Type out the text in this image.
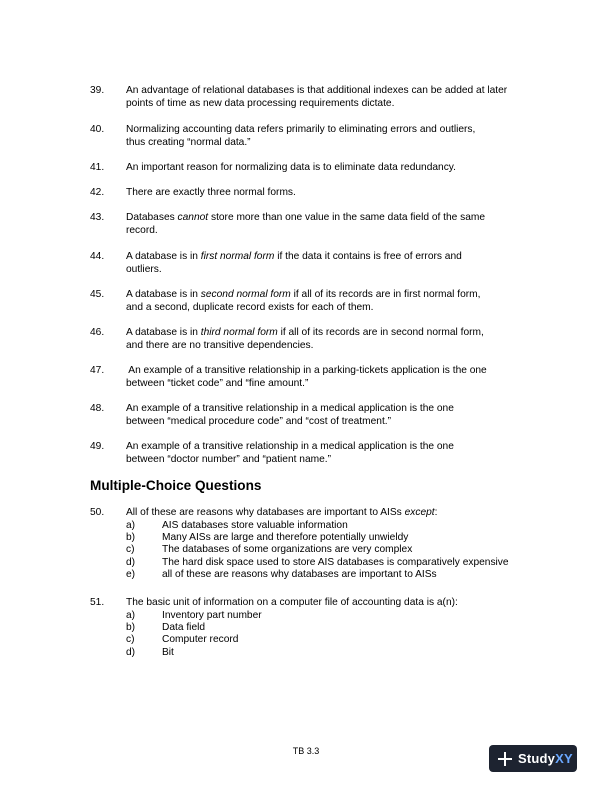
39. An advantage of relational databases is that additional indexes can be added at later
points of time as new data processing requirements dictate.
40. Normalizing accounting data refers primarily to eliminating errors and outliers,
thus creating “normal data.”
41. An important reason for normalizing data is to eliminate data redundancy.
42. There are exactly three normal forms.
43. Databases cannot store more than one value in the same data field of the same
record.
44. A database is in first normal form if the data it contains is free of errors and
outliers.
45. A database is in second normal form if all of its records are in first normal form,
and a second, duplicate record exists for each of them.
46. A database is in third normal form if all of its records are in second normal form,
and there are no transitive dependencies.
47. An example of a transitive relationship in a parking-tickets application is the one
between “ticket code” and “fine amount.”
48. An example of a transitive relationship in a medical application is the one
between “medical procedure code” and “cost of treatment.”
49. An example of a transitive relationship in a medical application is the one
between “doctor number” and “patient name.”
Multiple-Choice Questions
50. All of these are reasons why databases are important to AISs except:
a)	AIS databases store valuable information
b)	Many AISs are large and therefore potentially unwieldy
c)	The databases of some organizations are very complex
d)	The hard disk space used to store AIS databases is comparatively expensive
e)	all of these are reasons why databases are important to AISs
51. The basic unit of information on a computer file of accounting data is a(n):
a)	Inventory part number
b)	Data field
c)	Computer record
d)	Bit
TB 3.3	StudyXY
